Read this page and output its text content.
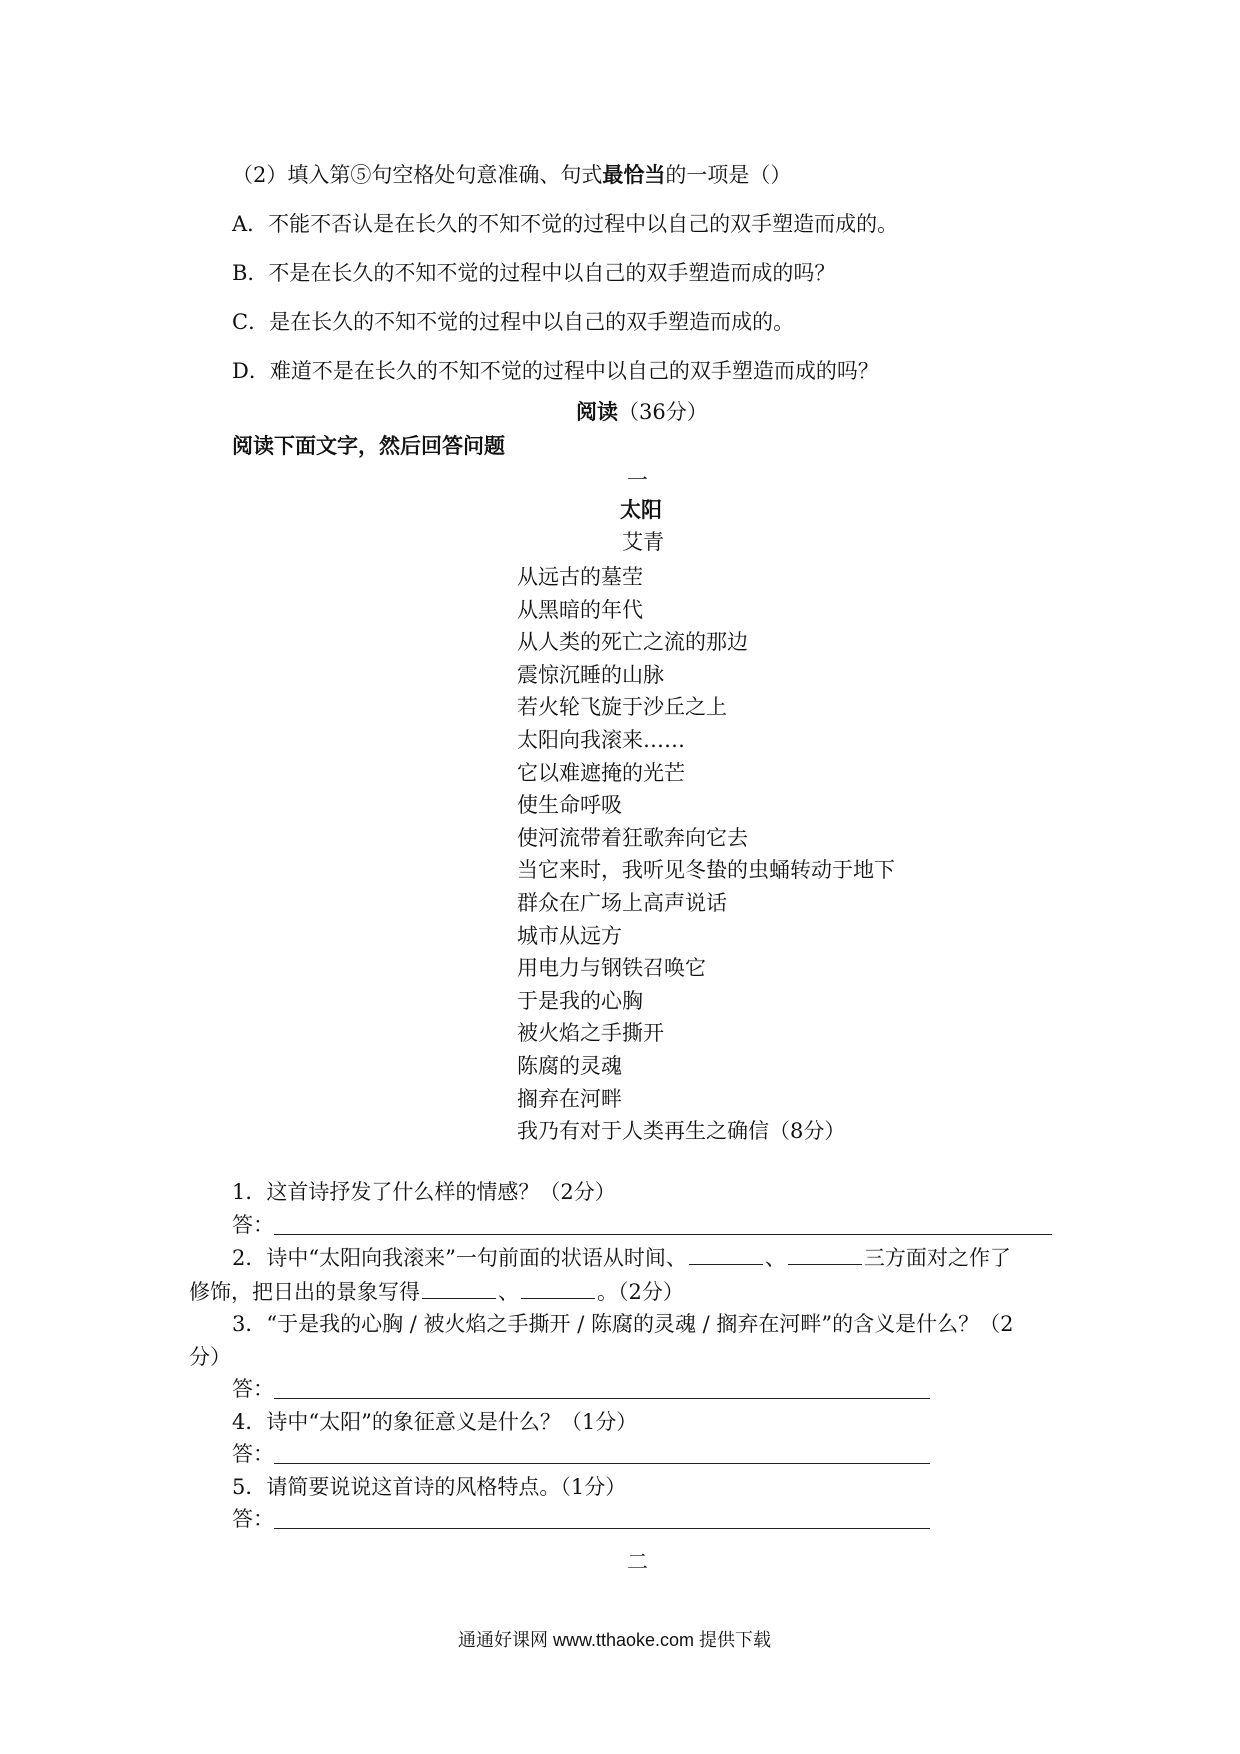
（2）填入第⑤句空格处句意准确、句式最恰当的一项是（）
A．不能不否认是在长久的不知不觉的过程中以自己的双手塑造而成的。
B．不是在长久的不知不觉的过程中以自己的双手塑造而成的吗？
C．是在长久的不知不觉的过程中以自己的双手塑造而成的。
D．难道不是在长久的不知不觉的过程中以自己的双手塑造而成的吗？
阅读（36分）
阅读下面文字，然后回答问题
一
太阳
艾青
从远古的墓茔
从黑暗的年代
从人类的死亡之流的那边
震惊沉睡的山脉
若火轮飞旋于沙丘之上
太阳向我滚来……
它以难遮掩的光芒
使生命呼吸
使河流带着狂歌奔向它去
当它来时，我听见冬蛰的虫蛹转动于地下
群众在广场上高声说话
城市从远方
用电力与钢铁召唤它
于是我的心胸
被火焰之手撕开
陈腐的灵魂
搁弃在河畔
我乃有对于人类再生之确信（8分）
1．这首诗抒发了什么样的情感？（2分）
答：
2．诗中“太阳向我滚来”一句前面的状语从时间、	、	三方面对之作了
修饰，把日出的景象写得	、	。（2分）
3．“于是我的心胸 / 被火焰之手撕开 / 陈腐的灵魂 / 搁弃在河畔”的含义是什么？（2
分）
答：
4．诗中“太阳”的象征意义是什么？（1分）
答：
5．请简要说说这首诗的风格特点。（1分）
答：
二
通通好课网 www.tthaoke.com 提供下载
